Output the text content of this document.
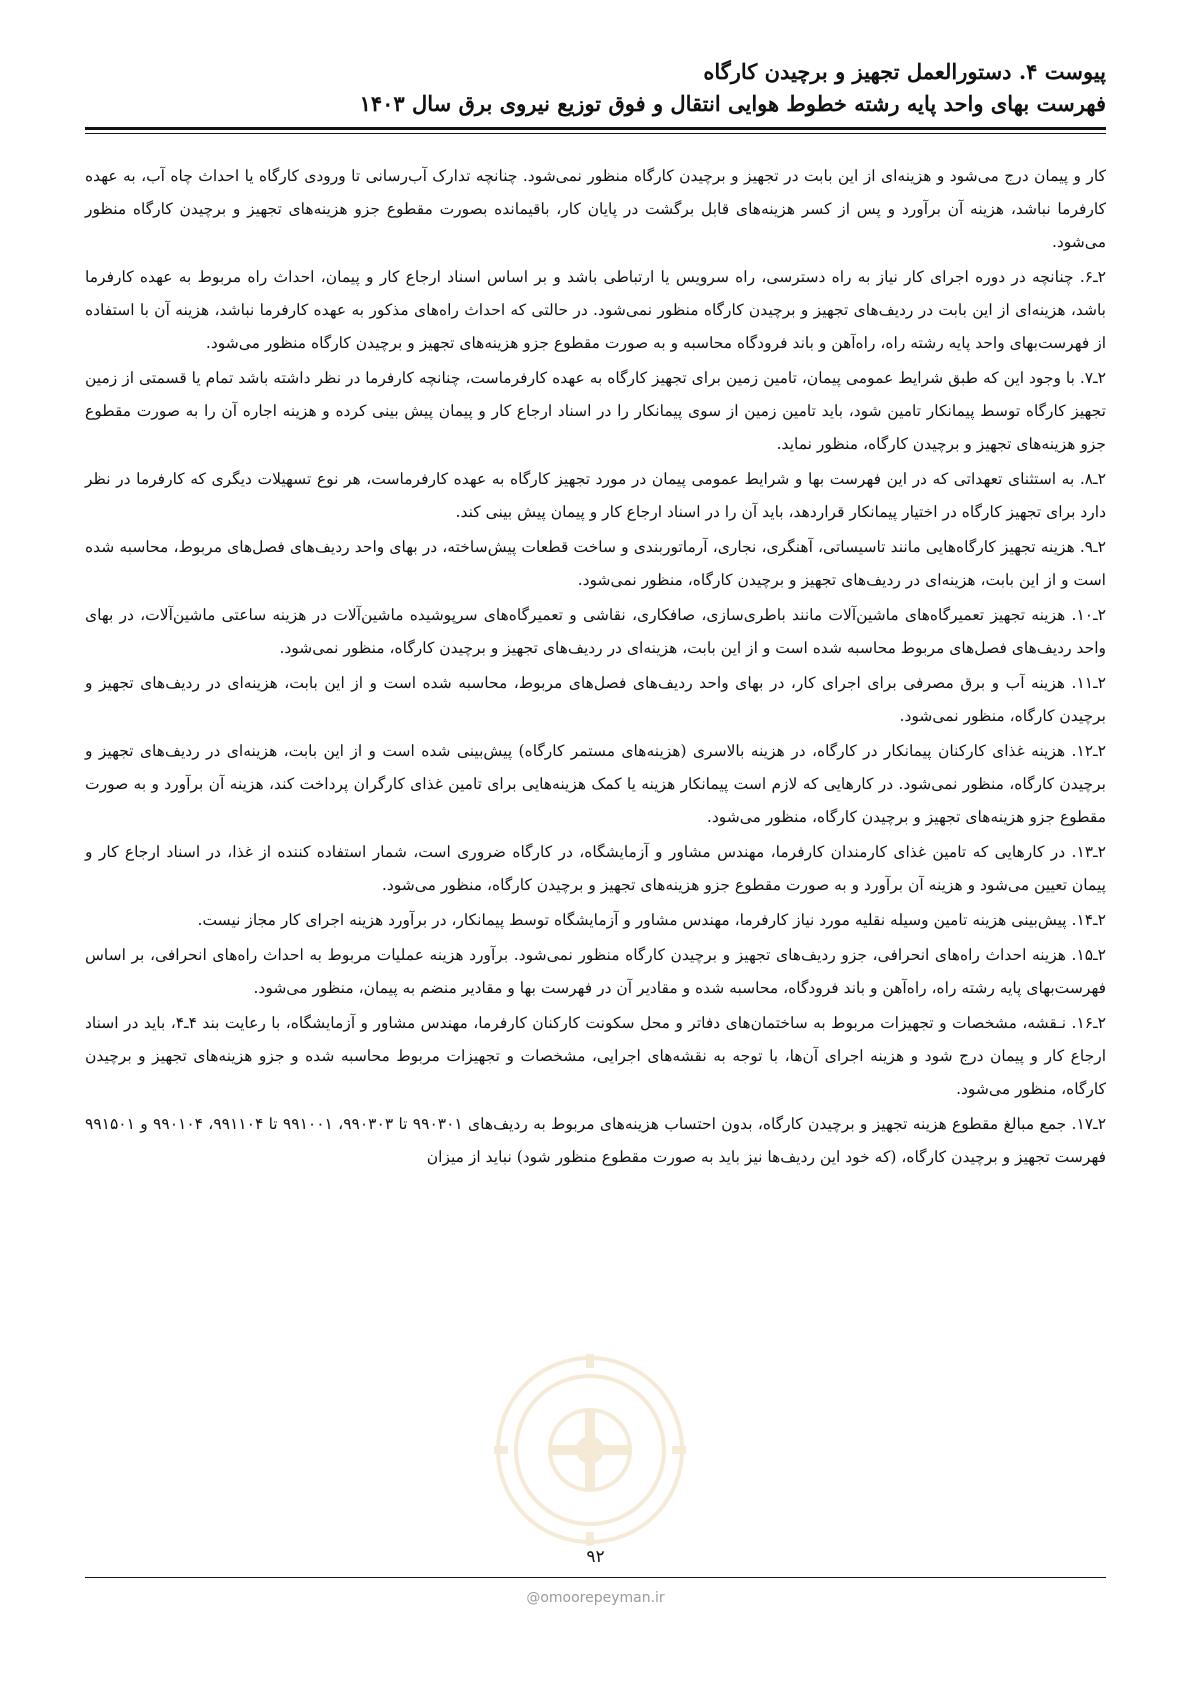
پیوست ۴. دستورالعمل تجهیز و برچیدن کارگاه
فهرست بهای واحد پایه رشته خطوط هوایی انتقال و فوق توزیع نیروی برق سال ۱۴۰۳

کار و پیمان درج می‌شود و هزینه‌ای از این بابت در تجهیز و برچیدن کارگاه منظور نمی‌شود. چنانچه تدارک آب‌رسانی تا ورودی کارگاه یا احداث چاه آب، به عهده کارفرما نباشد، هزینه آن برآورد و پس از کسر هزینه‌های قابل برگشت در پایان کار، باقیمانده بصورت مقطوع جزو هزینه‌های تجهیز و برچیدن کارگاه منظور می‌شود.

۲ـ۶. چنانچه در دوره اجرای کار نیاز به راه دسترسی، راه سرویس یا ارتباطی باشد و بر اساس اسناد ارجاع کار و پیمان، احداث راه مربوط به عهده کارفرما باشد، هزینه‌ای از این بابت در ردیف‌های تجهیز و برچیدن کارگاه منظور نمی‌شود. در حالتی که احداث راه‌های مذکور به عهده کارفرما نباشد، هزینه آن با استفاده از فهرست‌بهای واحد پایه رشته راه، راه‌آهن و باند فرودگاه محاسبه و به صورت مقطوع جزو هزینه‌های تجهیز و برچیدن کارگاه منظور می‌شود.

۲ـ۷. با وجود این که طبق شرایط عمومی پیمان، تامین زمین برای تجهیز کارگاه به عهده کارفرماست، چنانچه کارفرما در نظر داشته باشد تمام یا قسمتی از زمین تجهیز کارگاه توسط پیمانکار تامین شود، باید تامین زمین از سوی پیمانکار را در اسناد ارجاع کار و پیمان پیش بینی کرده و هزینه اجاره آن را به صورت مقطوع جزو هزینه‌های تجهیز و برچیدن کارگاه، منظور نماید.

۲ـ۸. به استثنای تعهداتی که در این فهرست بها و شرایط عمومی پیمان در مورد تجهیز کارگاه به عهده کارفرماست، هر نوع تسهیلات دیگری که کارفرما در نظر دارد برای تجهیز کارگاه در اختیار پیمانکار قراردهد، باید آن را در اسناد ارجاع کار و پیمان پیش بینی کند.

۲ـ۹. هزینه تجهیز کارگاه‌هایی مانند تاسیساتی، آهنگری، نجاری، آرماتوربندی و ساخت قطعات پیش‌ساخته، در بهای واحد ردیف‌های فصل‌های مربوط، محاسبه شده است و از این بابت، هزینه‌ای در ردیف‌های تجهیز و برچیدن کارگاه، منظور نمی‌شود.

۲ـ۱۰. هزینه تجهیز تعمیرگاه‌های ماشین‌آلات مانند باطری‌سازی، صافکاری، نقاشی و تعمیرگاه‌های سرپوشیده ماشین‌آلات در هزینه ساعتی ماشین‌آلات، در بهای واحد ردیف‌های فصل‌های مربوط محاسبه شده است و از این بابت، هزینه‌ای در ردیف‌های تجهیز و برچیدن کارگاه، منظور نمی‌شود.

۲ـ۱۱. هزینه آب و برق مصرفی برای اجرای کار، در بهای واحد ردیف‌های فصل‌های مربوط، محاسبه شده است و از این بابت، هزینه‌ای در ردیف‌های تجهیز و برچیدن کارگاه، منظور نمی‌شود.

۲ـ۱۲. هزینه غذای کارکنان پیمانکار در کارگاه، در هزینه بالاسری (هزینه‌های مستمر کارگاه) پیش‌بینی شده است و از این بابت، هزینه‌ای در ردیف‌های تجهیز و برچیدن کارگاه، منظور نمی‌شود. در کارهایی که لازم است پیمانکار هزینه یا کمک هزینه‌هایی برای تامین غذای کارگران پرداخت کند، هزینه آن برآورد و به صورت مقطوع جزو هزینه‌های تجهیز و برچیدن کارگاه، منظور می‌شود.

۲ـ۱۳. در کارهایی که تامین غذای کارمندان کارفرما، مهندس مشاور و آزمایشگاه، در کارگاه ضروری است، شمار استفاده کننده از غذا، در اسناد ارجاع کار و پیمان تعیین می‌شود و هزینه آن برآورد و به صورت مقطوع جزو هزینه‌های تجهیز و برچیدن کارگاه، منظور می‌شود.

۲ـ۱۴. پیش‌بینی هزینه تامین وسیله نقلیه مورد نیاز کارفرما، مهندس مشاور و آزمایشگاه توسط پیمانکار، در برآورد هزینه اجرای کار مجاز نیست.

۲ـ۱۵. هزینه احداث راه‌های انحرافی، جزو ردیف‌های تجهیز و برچیدن کارگاه منظور نمی‌شود. برآورد هزینه عملیات مربوط به احداث راه‌های انحرافی، بر اساس فهرست‌بهای پایه رشته راه، راه‌آهن و باند فرودگاه، محاسبه شده و مقادیر آن در فهرست بها و مقادیر منضم به پیمان، منظور می‌شود.

۲ـ۱۶. نـقشه، مشخصات و تجهیزات مربوط به ساختمان‌های دفاتر و محل سکونت کارکنان کارفرما، مهندس مشاور و آزمایشگاه، با رعایت بند ۴ـ۴، باید در اسناد ارجاع کار و پیمان درج شود و هزینه اجرای آن‌ها، با توجه به نقشه‌های اجرایی، مشخصات و تجهیزات مربوط محاسبه شده و جزو هزینه‌های تجهیز و برچیدن کارگاه، منظور می‌شود.

۲ـ۱۷. جمع مبالغ مقطوع هزینه تجهیز و برچیدن کارگاه، بدون احتساب هزینه‌های مربوط به ردیف‌های ۹۹۰۳۰۱ تا ۹۹۰۳۰۳، ۹۹۱۰۰۱ تا ۹۹۱۱۰۴، ۹۹۰۱۰۴ و ۹۹۱۵۰۱ فهرست تجهیز و برچیدن کارگاه، (که خود این ردیف‌ها نیز باید به صورت مقطوع منظور شود) نباید از میزان

۹۲
@omoorepeyman.ir
